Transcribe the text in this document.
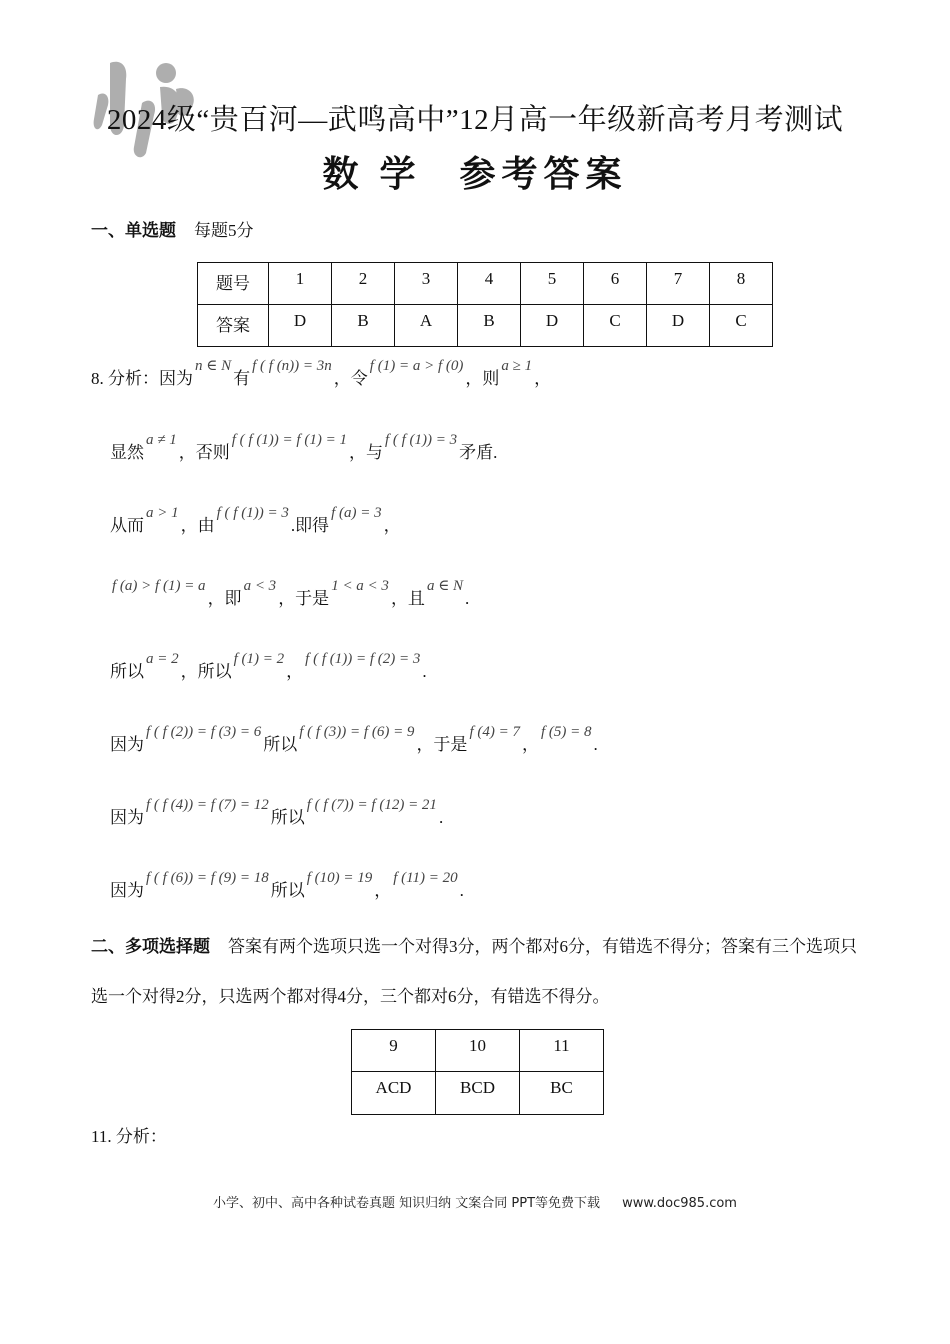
2024级“贵百河—武鸣高中”12月高一年级新高考月考测试
数 学 参考答案
一、单选题 每题5分
题号	1	2	3	4	5	6	7	8
答案	D	B	A	B	D	C	D	C
8. 分析：因为n ∈ N有f ( f (n)) = 3n，令f (1) = a > f (0)，则a ≥ 1，
显然a ≠ 1，否则f ( f (1)) = f (1) = 1，与f ( f (1)) = 3矛盾.
从而a > 1，由f ( f (1)) = 3.即得f (a) = 3，
f (a) > f (1) = a，即a < 3，于是1 < a < 3，且a ∈ N.
所以a = 2，所以f (1) = 2，f ( f (1)) = f (2) = 3.
因为f ( f (2)) = f (3) = 6所以f ( f (3)) = f (6) = 9，于是f (4) = 7，f (5) = 8.
因为f ( f (4)) = f (7) = 12所以f ( f (7)) = f (12) = 21.
因为f ( f (6)) = f (9) = 18所以f (10) = 19，f (11) = 20.
二、多项选择题 答案有两个选项只选一个对得3分，两个都对6分，有错选不得分；答案有三个选项只选一个对得2分，只选两个都对得4分，三个都对6分，有错选不得分。
9	10	11
ACD	BCD	BC
11. 分析：
小学、初中、高中各种试卷真题 知识归纳 文案合同 PPT等免费下载 www.doc985.com
